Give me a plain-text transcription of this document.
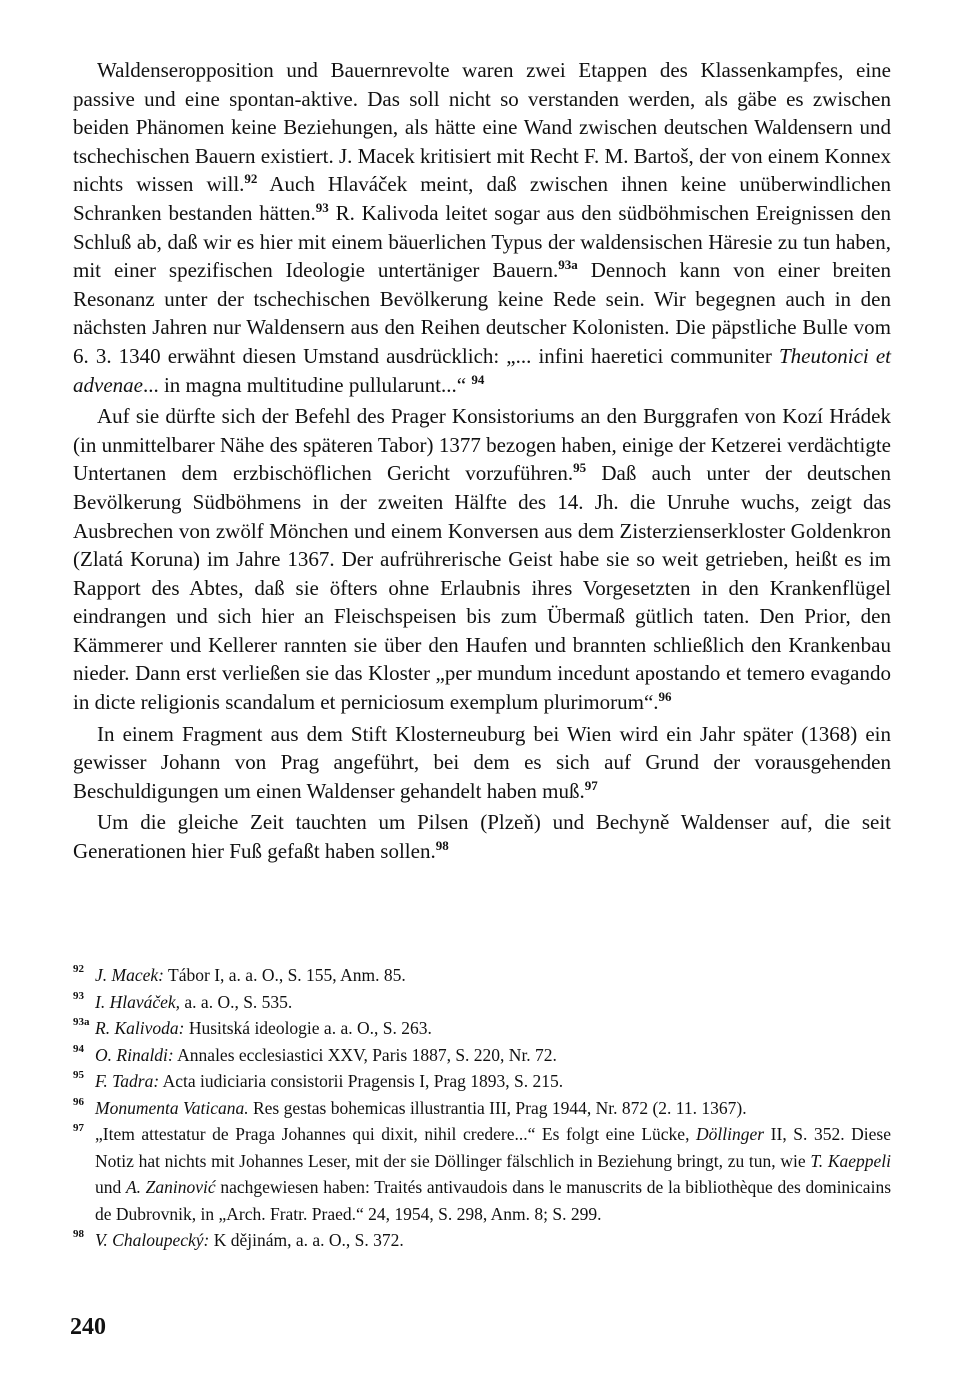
Waldenseropposition und Bauernrevolte waren zwei Etappen des Klassenkampfes, eine passive und eine spontan-aktive. Das soll nicht so verstanden werden, als gäbe es zwischen beiden Phänomen keine Beziehungen, als hätte eine Wand zwischen deutschen Waldensern und tschechischen Bauern existiert. J. Macek kritisiert mit Recht F. M. Bartoš, der von einem Konnex nichts wissen will.$^{92}$ Auch Hlaváček meint, daß zwischen ihnen keine unüberwindlichen Schranken bestanden hätten.$^{93}$ R. Kalivoda leitet sogar aus den südböhmischen Ereignissen den Schluß ab, daß wir es hier mit einem bäuerlichen Typus der waldensischen Häresie zu tun haben, mit einer spezifischen Ideologie untertäniger Bauern.$^{93a}$ Dennoch kann von einer breiten Resonanz unter der tschechischen Bevölkerung keine Rede sein. Wir begegnen auch in den nächsten Jahren nur Waldensern aus den Reihen deutscher Kolonisten. Die päpstliche Bulle vom 6. 3. 1340 erwähnt diesen Umstand ausdrücklich: „... infini haeretici communiter Theutonici et advenae... in magna multitudine pullularunt...“ $^{94}$

Auf sie dürfte sich der Befehl des Prager Konsistoriums an den Burggrafen von Kozí Hrádek (in unmittelbarer Nähe des späteren Tabor) 1377 bezogen haben, einige der Ketzerei verdächtigte Untertanen dem erzbischöflichen Gericht vorzuführen.$^{95}$ Daß auch unter der deutschen Bevölkerung Südböhmens in der zweiten Hälfte des 14. Jh. die Unruhe wuchs, zeigt das Ausbrechen von zwölf Mönchen und einem Konversen aus dem Zisterzienserkloster Goldenkron (Zlatá Koruna) im Jahre 1367. Der aufrührerische Geist habe sie so weit getrieben, heißt es im Rapport des Abtes, daß sie öfters ohne Erlaubnis ihres Vorgesetzten in den Krankenflügel eindrangen und sich hier an Fleischspeisen bis zum Übermaß gütlich taten. Den Prior, den Kämmerer und Kellerer rannten sie über den Haufen und brannten schließlich den Krankenbau nieder. Dann erst verließen sie das Kloster „per mundum incedunt apostando et temero evagando in dicte religionis scandalum et perniciosum exemplum plurimorum“.$^{96}$

In einem Fragment aus dem Stift Klosterneuburg bei Wien wird ein Jahr später (1368) ein gewisser Johann von Prag angeführt, bei dem es sich auf Grund der vorausgehenden Beschuldigungen um einen Waldenser gehandelt haben muß.$^{97}$

Um die gleiche Zeit tauchten um Pilsen (Plzeň) und Bechyně Waldenser auf, die seit Generationen hier Fuß gefaßt haben sollen.$^{98}$

92 J. Macek: Tábor I, a. a. O., S. 155, Anm. 85.
93 I. Hlaváček, a. a. O., S. 535.
93a R. Kalivoda: Husitská ideologie a. a. O., S. 263.
94 O. Rinaldi: Annales ecclesiastici XXV, Paris 1887, S. 220, Nr. 72.
95 F. Tadra: Acta iudiciaria consistorii Pragensis I, Prag 1893, S. 215.
96 Monumenta Vaticana. Res gestas bohemicas illustrantia III, Prag 1944, Nr. 872 (2. 11. 1367).
97 „Item attestatur de Praga Johannes qui dixit, nihil credere...“ Es folgt eine Lücke, Döllinger II, S. 352. Diese Notiz hat nichts mit Johannes Leser, mit der sie Döllinger fälschlich in Beziehung bringt, zu tun, wie T. Kaeppeli und A. Zaninović nachgewiesen haben: Traités antivaudois dans le manuscrits de la bibliothèque des dominicains de Dubrovnik, in „Arch. Fratr. Praed.“ 24, 1954, S. 298, Anm. 8; S. 299.
98 V. Chaloupecký: K dějinám, a. a. O., S. 372.
240
